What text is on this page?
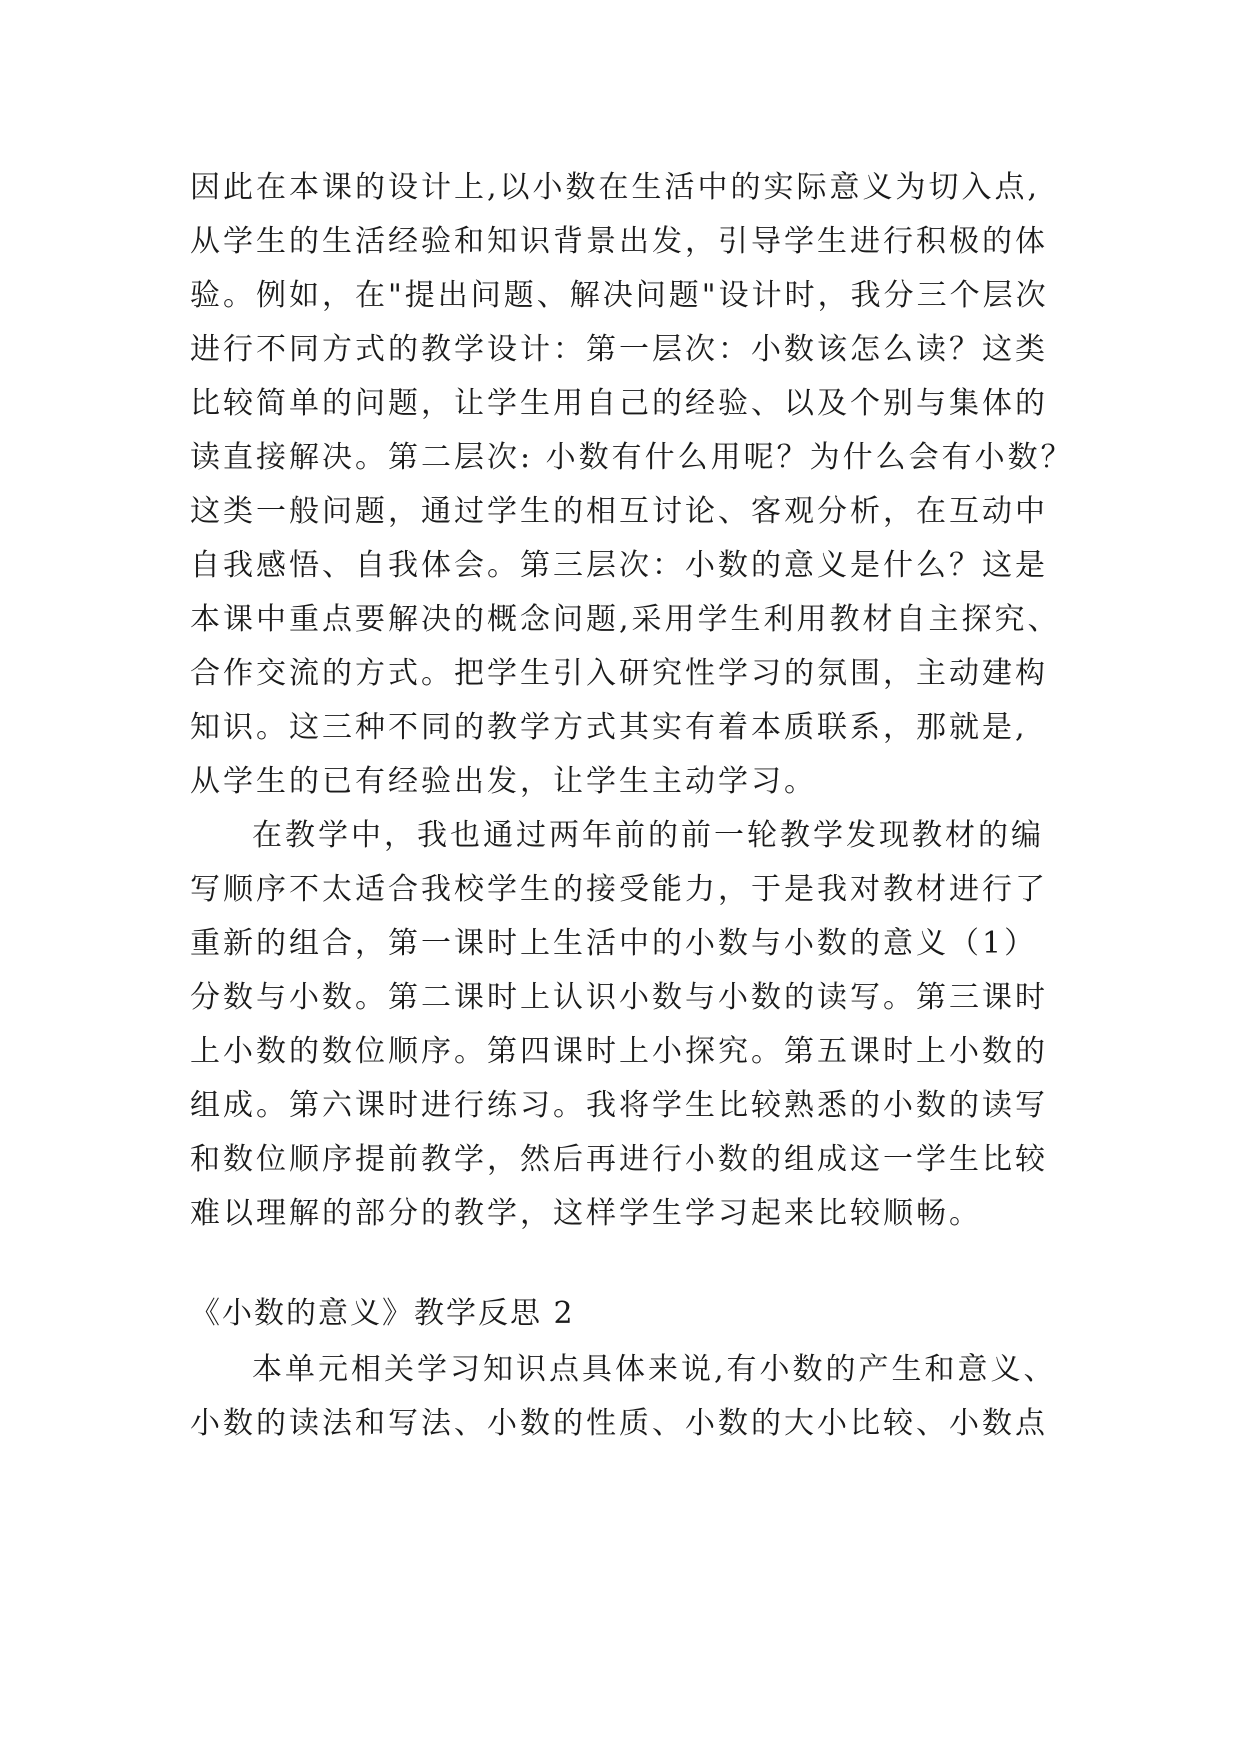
因此在本课的设计上,以小数在生活中的实际意义为切入点,
从学生的生活经验和知识背景出发，引导学生进行积极的体
验。例如，在"提出问题、解决问题"设计时，我分三个层次
进行不同方式的教学设计：第一层次：小数该怎么读？这类
比较简单的问题，让学生用自己的经验、以及个别与集体的
读直接解决。第二层次: 小数有什么用呢？为什么会有小数？
这类一般问题，通过学生的相互讨论、客观分析，在互动中
自我感悟、自我体会。第三层次：小数的意义是什么？这是
本课中重点要解决的概念问题,采用学生利用教材自主探究、
合作交流的方式。把学生引入研究性学习的氛围，主动建构
知识。这三种不同的教学方式其实有着本质联系，那就是,
从学生的已有经验出发，让学生主动学习。
在教学中，我也通过两年前的前一轮教学发现教材的编
写顺序不太适合我校学生的接受能力，于是我对教材进行了
重新的组合，第一课时上生活中的小数与小数的意义（1）
分数与小数。第二课时上认识小数与小数的读写。第三课时
上小数的数位顺序。第四课时上小探究。第五课时上小数的
组成。第六课时进行练习。我将学生比较熟悉的小数的读写
和数位顺序提前教学，然后再进行小数的组成这一学生比较
难以理解的部分的教学，这样学生学习起来比较顺畅。
《小数的意义》教学反思 2
本单元相关学习知识点具体来说,有小数的产生和意义、
小数的读法和写法、小数的性质、小数的大小比较、小数点
